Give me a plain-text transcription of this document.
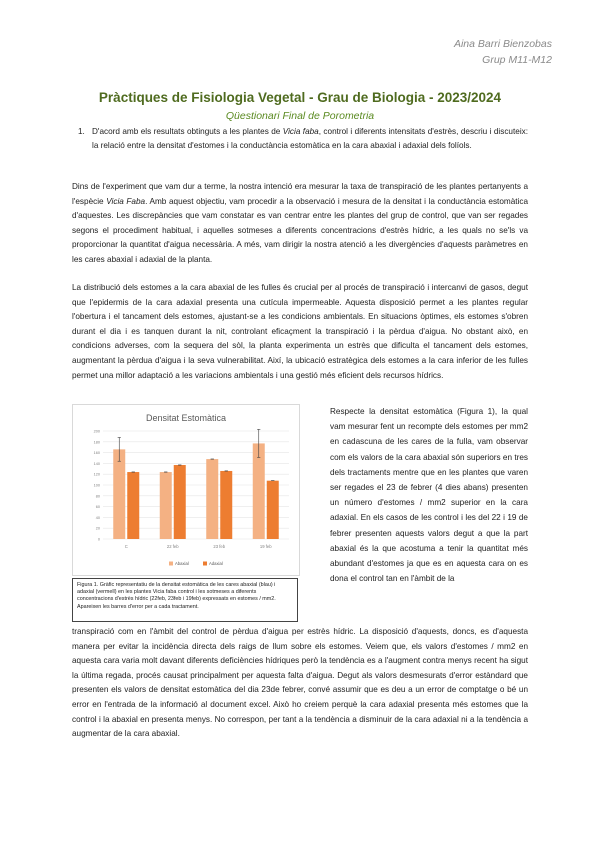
Aina Barri Bienzobas
Grup M11-M12
Pràctiques de Fisiologia Vegetal - Grau de Biologia - 2023/2024
Qüestionari Final de Porometria
1. D'acord amb els resultats obtinguts a les plantes de Vicia faba, control i diferents intensitats d'estrès, descriu i discuteix: la relació entre la densitat d'estomes i la conductància estomàtica en la cara abaxial i adaxial dels folíols.
Dins de l'experiment que vam dur a terme, la nostra intenció era mesurar la taxa de transpiració de les plantes pertanyents a l'espècie Vicia Faba. Amb aquest objectiu, vam procedir a la observació i mesura de la densitat i la conductància estomàtica d'aquestes. Les discrepàncies que vam constatar es van centrar entre les plantes del grup de control, que van ser regades segons el procediment habitual, i aquelles sotmeses a diferents concentracions d'estrès hídric, a les quals no se'ls va proporcionar la quantitat d'aigua necessària. A més, vam dirigir la nostra atenció a les divergències d'aquests paràmetres en les cares abaxial i adaxial de la planta.
La distribució dels estomes a la cara abaxial de les fulles és crucial per al procés de transpiració i intercanvi de gasos, degut que l'epidermis de la cara adaxial presenta una cutícula impermeable. Aquesta disposició permet a les plantes regular l'obertura i el tancament dels estomes, ajustant-se a les condicions ambientals. En situacions òptimes, els estomes s'obren durant el dia i es tanquen durant la nit, controlant eficaçment la transpiració i la pèrdua d'aigua. No obstant això, en condicions adverses, com la sequera del sòl, la planta experimenta un estrès que dificulta el tancament dels estomes, augmentant la pèrdua d'aigua i la seva vulnerabilitat. Així, la ubicació estratègica dels estomes a la cara inferior de les fulles permet una millor adaptació a les variacions ambientals i una gestió més eficient dels recursos hídrics.
Densitat Estomàtica
0
20
40
60
80
100
120
140
160
180
200
C	22 feb	23 feb	19 feb
Abaxial	Adaxial
Figura 1. Gràfic representatiu de la densitat estomàtica de les cares abaxial (blau) i adaxial (vermell) en les plantes Vicia faba control i les sotmeses a diferents concentracions d'estrès hídric (22feb, 23feb i 19feb) expressats en estomes / mm2. Apareixen les barres d'error per a cada tractament.
Respecte la densitat estomàtica (Figura 1), la qual vam mesurar fent un recompte dels estomes per mm2 en cadascuna de les cares de la fulla, vam observar com els valors de la cara abaxial són superiors en tres dels tractaments mentre que en les plantes que varen ser regades el 23 de febrer (4 dies abans) presenten un número d'estomes / mm2 superior en la cara adaxial. En els casos de les control i les del 22 i 19 de febrer presenten aquests valors degut a que la part abaxial és la que acostuma a tenir la quantitat més abundant d'estomes ja que es en aquesta cara on es dona el control tan en l'àmbit de la
transpiració com en l'àmbit del control de pèrdua d'aigua per estrès hídric. La disposició d'aquests, doncs, es d'aquesta manera per evitar la incidència directa dels raigs de llum sobre els estomes. Veiem que, els valors d'estomes / mm2 en aquesta cara varia molt davant diferents deficiències hídriques però la tendència es a l'augment contra menys recent ha sigut la última regada, procés causat principalment per aquesta falta d'aigua. Degut als valors desmesurats d'error estàndard que presenten els valors de densitat estomàtica del dia 23de febrer, convé assumir que es deu a un error de comptatge o bé un error en l'entrada de la informació al document excel. Això ho creiem perquè la cara adaxial presenta més estomes que la control i la abaxial en presenta menys. No correspon, per tant a la tendència a disminuir de la cara adaxial ni a la tendència a augmentar de la cara abaxial.
